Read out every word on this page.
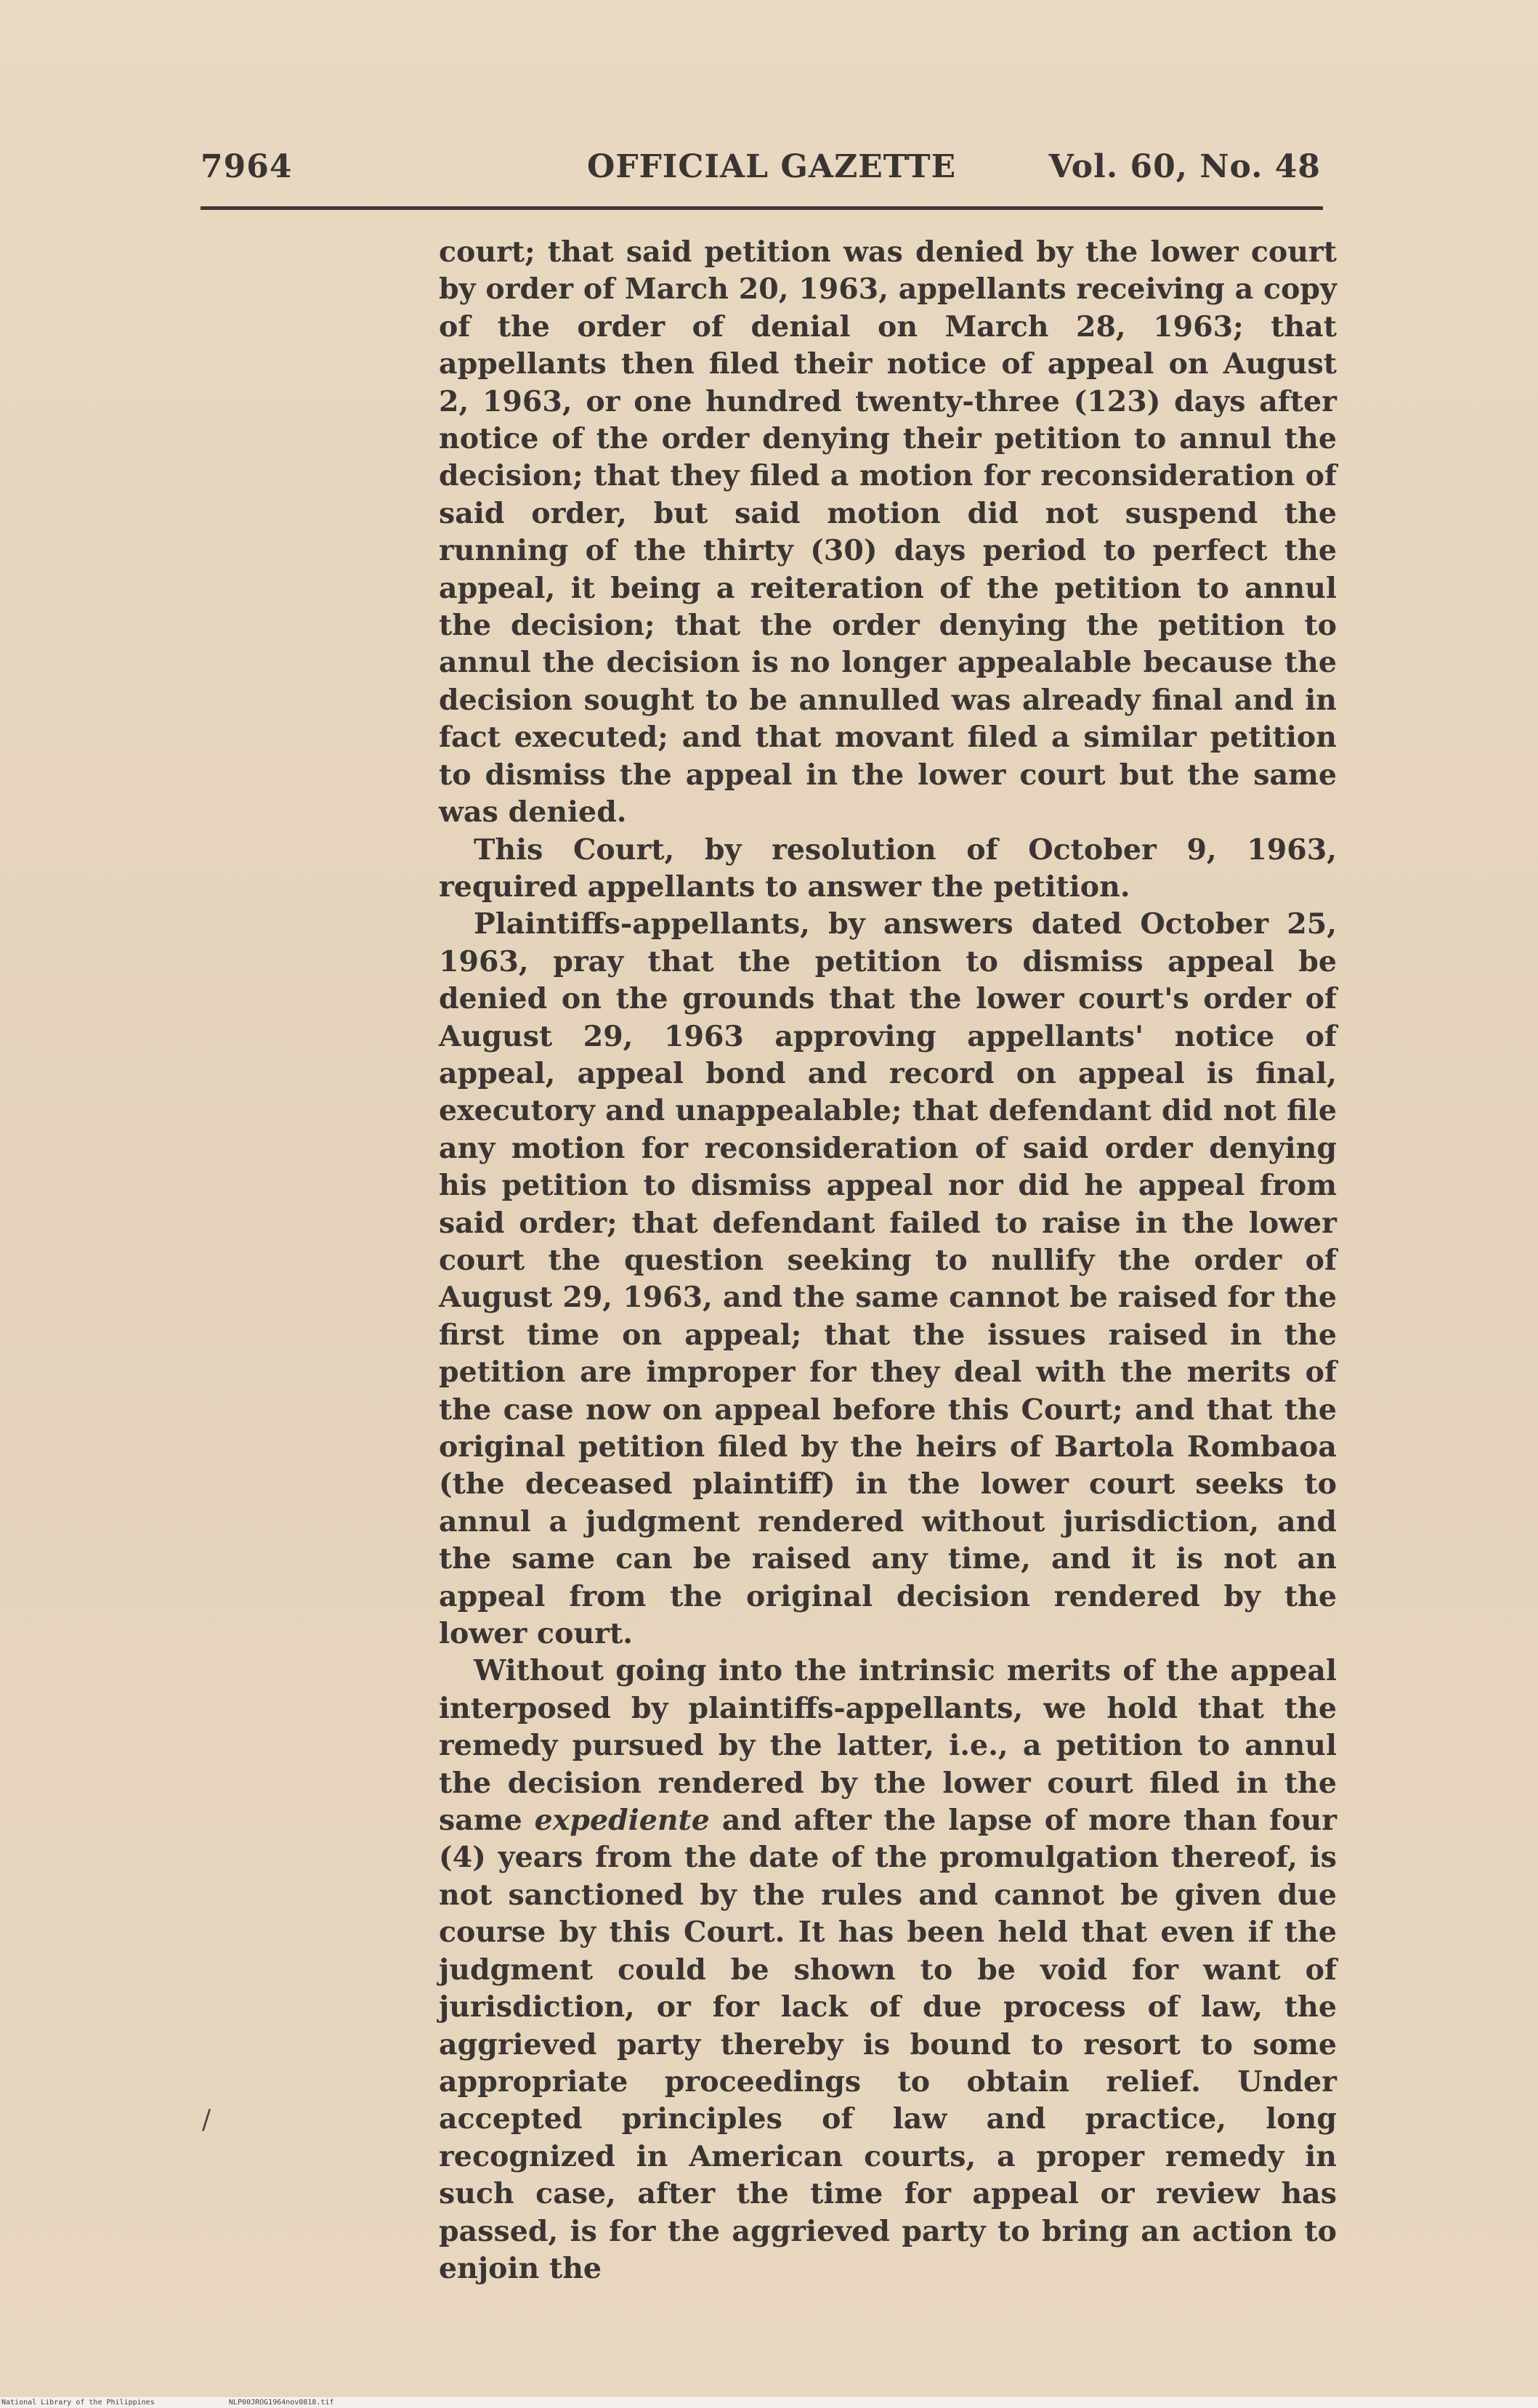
7964	OFFICIAL GAZETTE	Vol. 60, No. 48

court; that said petition was denied by the lower court by order of March 20, 1963, appellants receiving a copy of the order of denial on March 28, 1963; that appellants then filed their notice of appeal on August 2, 1963, or one hundred twenty-three (123) days after notice of the order denying their petition to annul the decision; that they filed a motion for reconsideration of said order, but said motion did not suspend the running of the thirty (30) days period to perfect the appeal, it being a reiteration of the petition to annul the decision; that the order denying the petition to annul the decision is no longer appealable because the decision sought to be annulled was already final and in fact executed; and that movant filed a similar petition to dismiss the appeal in the lower court but the same was denied.

This Court, by resolution of October 9, 1963, required appellants to answer the petition.

Plaintiffs-appellants, by answers dated October 25, 1963, pray that the petition to dismiss appeal be denied on the grounds that the lower court's order of August 29, 1963 approving appellants' notice of appeal, appeal bond and record on appeal is final, executory and unappealable; that defendant did not file any motion for reconsideration of said order denying his petition to dismiss appeal nor did he appeal from said order; that defendant failed to raise in the lower court the question seeking to nullify the order of August 29, 1963, and the same cannot be raised for the first time on appeal; that the issues raised in the petition are improper for they deal with the merits of the case now on appeal before this Court; and that the original petition filed by the heirs of Bartola Rombaoa (the deceased plaintiff) in the lower court seeks to annul a judgment rendered without jurisdiction, and the same can be raised any time, and it is not an appeal from the original decision rendered by the lower court.

Without going into the intrinsic merits of the appeal interposed by plaintiffs-appellants, we hold that the remedy pursued by the latter, i.e., a petition to annul the decision rendered by the lower court filed in the same expediente and after the lapse of more than four (4) years from the date of the promulgation thereof, is not sanctioned by the rules and cannot be given due course by this Court. It has been held that even if the judgment could be shown to be void for want of jurisdiction, or for lack of due process of law, the aggrieved party thereby is bound to resort to some appropriate proceedings to obtain relief. Under accepted principles of law and practice, long recognized in American courts, a proper remedy in such case, after the time for appeal or review has passed, is for the aggrieved party to bring an action to enjoin the

/
National Library of the Philippines	NLP00JROG1964nov0818.tif
